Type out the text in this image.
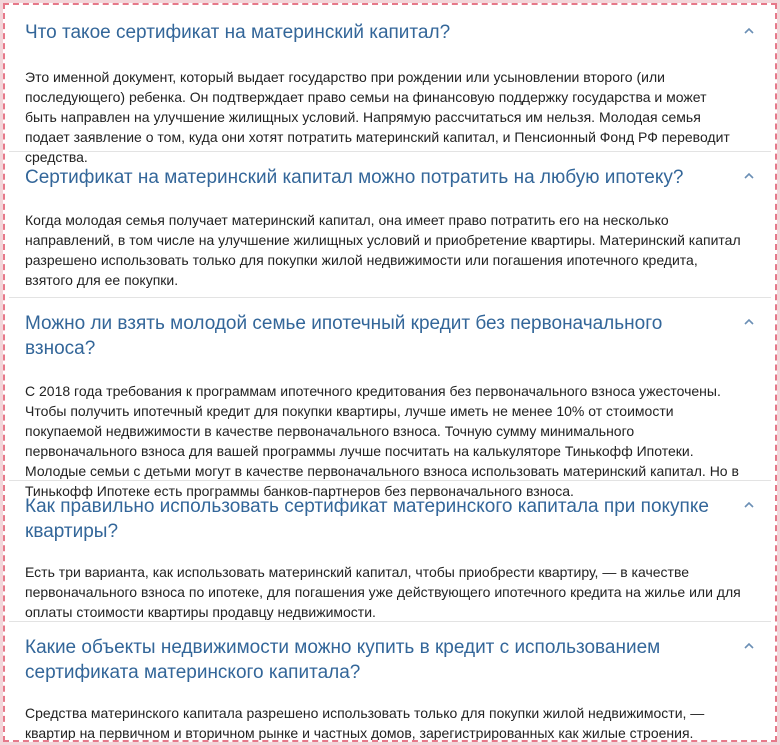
Что такое сертификат на материнский капитал?

Это именной документ, который выдает государство при рождении или усыновлении второго (или последующего) ребенка. Он подтверждает право семьи на финансовую поддержку государства и может быть направлен на улучшение жилищных условий. Напрямую рассчитаться им нельзя. Молодая семья подает заявление о том, куда они хотят потратить материнский капитал, и Пенсионный Фонд РФ переводит средства.

Сертификат на материнский капитал можно потратить на любую ипотеку?

Когда молодая семья получает материнский капитал, она имеет право потратить его на несколько направлений, в том числе на улучшение жилищных условий и приобретение квартиры. Материнский капитал разрешено использовать только для покупки жилой недвижимости или погашения ипотечного кредита, взятого для ее покупки.

Можно ли взять молодой семье ипотечный кредит без первоначального взноса?

С 2018 года требования к программам ипотечного кредитования без первоначального взноса ужесточены. Чтобы получить ипотечный кредит для покупки квартиры, лучше иметь не менее 10% от стоимости покупаемой недвижимости в качестве первоначального взноса. Точную сумму минимального первоначального взноса для вашей программы лучше посчитать на калькуляторе Тинькофф Ипотеки. Молодые семьи с детьми могут в качестве первоначального взноса использовать материнский капитал. Но в Тинькофф Ипотеке есть программы банков-партнеров без первоначального взноса.

Как правильно использовать сертификат материнского капитала при покупке квартиры?

Есть три варианта, как использовать материнский капитал, чтобы приобрести квартиру, — в качестве первоначального взноса по ипотеке, для погашения уже действующего ипотечного кредита на жилье или для оплаты стоимости квартиры продавцу недвижимости.

Какие объекты недвижимости можно купить в кредит с использованием сертификата материнского капитала?

Средства материнского капитала разрешено использовать только для покупки жилой недвижимости, — квартир на первичном и вторичном рынке и частных домов, зарегистрированных как жилые строения.
